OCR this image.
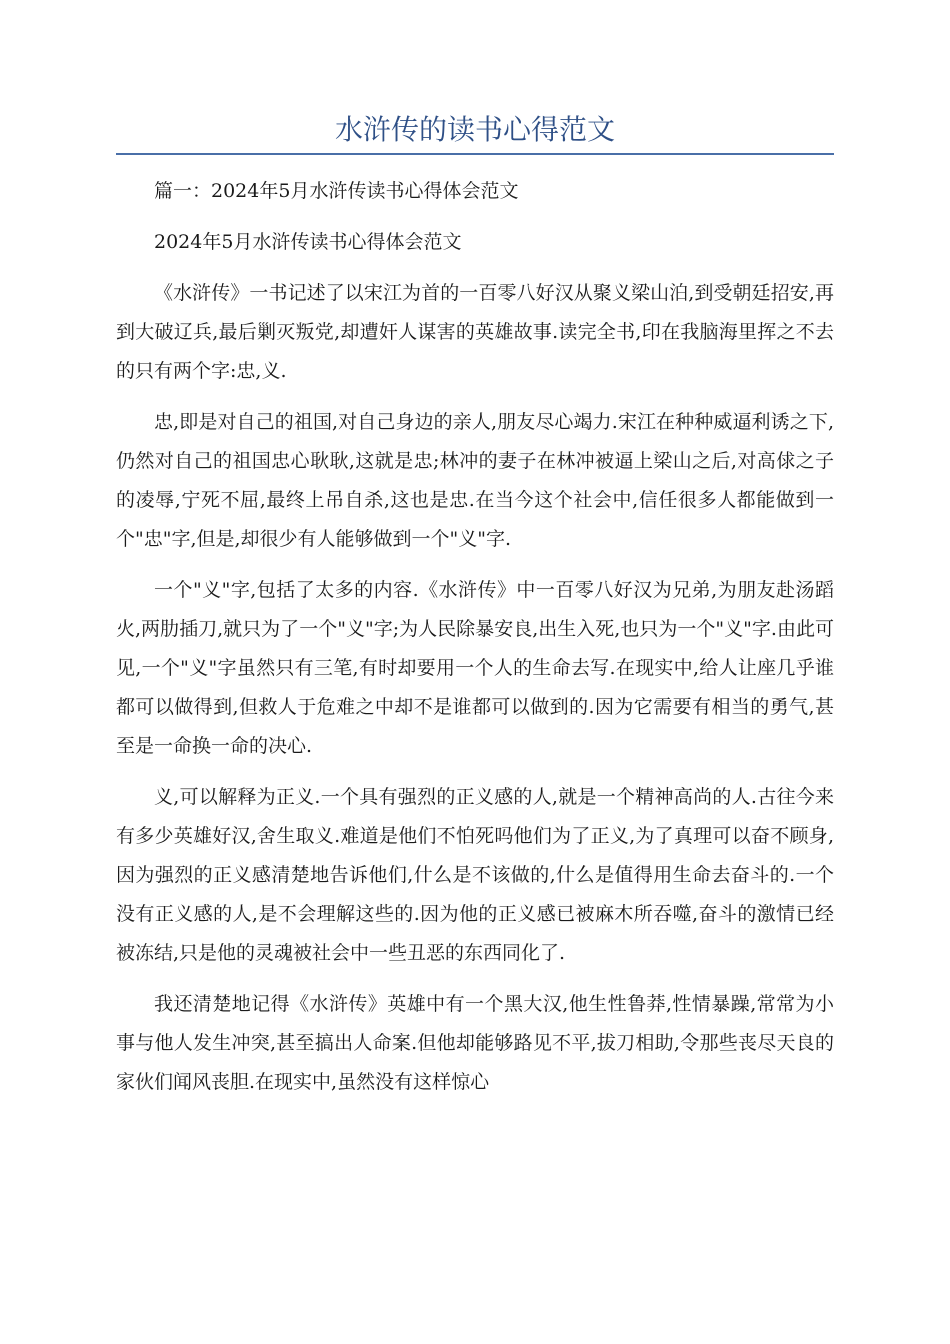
水浒传的读书心得范文

篇一：2024年5月水浒传读书心得体会范文

2024年5月水浒传读书心得体会范文

《水浒传》一书记述了以宋江为首的一百零八好汉从聚义梁山泊,到受朝廷招安,再到大破辽兵,最后剿灭叛党,却遭奸人谋害的英雄故事.读完全书,印在我脑海里挥之不去的只有两个字:忠,义.

忠,即是对自己的祖国,对自己身边的亲人,朋友尽心竭力.宋江在种种威逼利诱之下,仍然对自己的祖国忠心耿耿,这就是忠;林冲的妻子在林冲被逼上梁山之后,对高俅之子的凌辱,宁死不屈,最终上吊自杀,这也是忠.在当今这个社会中,信任很多人都能做到一个"忠"字,但是,却很少有人能够做到一个"义"字.

一个"义"字,包括了太多的内容.《水浒传》中一百零八好汉为兄弟,为朋友赴汤蹈火,两肋插刀,就只为了一个"义"字;为人民除暴安良,出生入死,也只为一个"义"字.由此可见,一个"义"字虽然只有三笔,有时却要用一个人的生命去写.在现实中,给人让座几乎谁都可以做得到,但救人于危难之中却不是谁都可以做到的.因为它需要有相当的勇气,甚至是一命换一命的决心.

义,可以解释为正义.一个具有强烈的正义感的人,就是一个精神高尚的人.古往今来有多少英雄好汉,舍生取义.难道是他们不怕死吗他们为了正义,为了真理可以奋不顾身,因为强烈的正义感清楚地告诉他们,什么是不该做的,什么是值得用生命去奋斗的.一个没有正义感的人,是不会理解这些的.因为他的正义感已被麻木所吞噬,奋斗的激情已经被冻结,只是他的灵魂被社会中一些丑恶的东西同化了.

我还清楚地记得《水浒传》英雄中有一个黑大汉,他生性鲁莽,性情暴躁,常常为小事与他人发生冲突,甚至搞出人命案.但他却能够路见不平,拔刀相助,令那些丧尽天良的家伙们闻风丧胆.在现实中,虽然没有这样惊心
